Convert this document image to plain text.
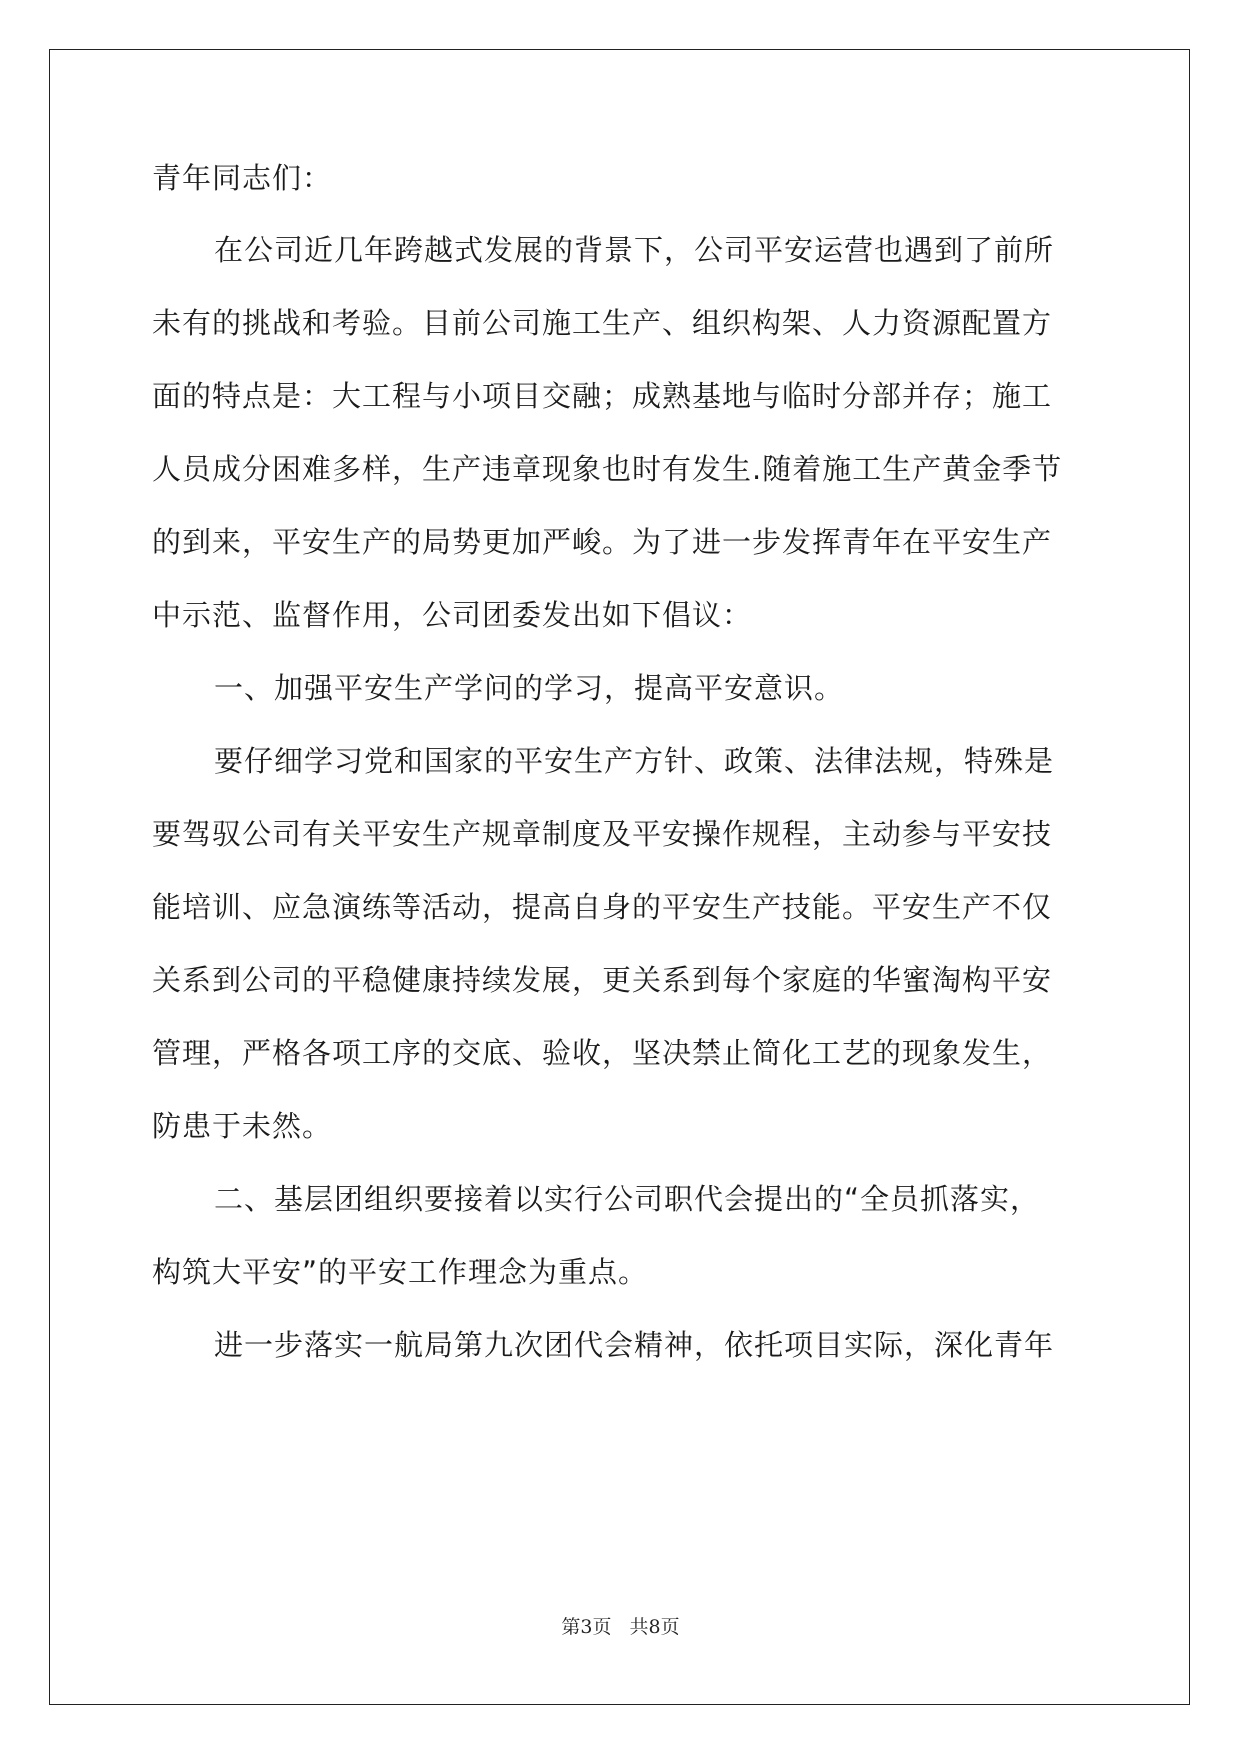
青年同志们：
在公司近几年跨越式发展的背景下，公司平安运营也遇到了前所
未有的挑战和考验。目前公司施工生产、组织构架、人力资源配置方
面的特点是：大工程与小项目交融；成熟基地与临时分部并存；施工
人员成分困难多样，生产违章现象也时有发生.随着施工生产黄金季节
的到来，平安生产的局势更加严峻。为了进一步发挥青年在平安生产
中示范、监督作用，公司团委发出如下倡议：
一、加强平安生产学问的学习，提高平安意识。
要仔细学习党和国家的平安生产方针、政策、法律法规，特殊是
要驾驭公司有关平安生产规章制度及平安操作规程，主动参与平安技
能培训、应急演练等活动，提高自身的平安生产技能。平安生产不仅
关系到公司的平稳健康持续发展，更关系到每个家庭的华蜜淘构平安
管理，严格各项工序的交底、验收，坚决禁止简化工艺的现象发生，
防患于未然。
二、基层团组织要接着以实行公司职代会提出的“全员抓落实，
构筑大平安”的平安工作理念为重点。
进一步落实一航局第九次团代会精神，依托项目实际，深化青年
第3页 共8页
